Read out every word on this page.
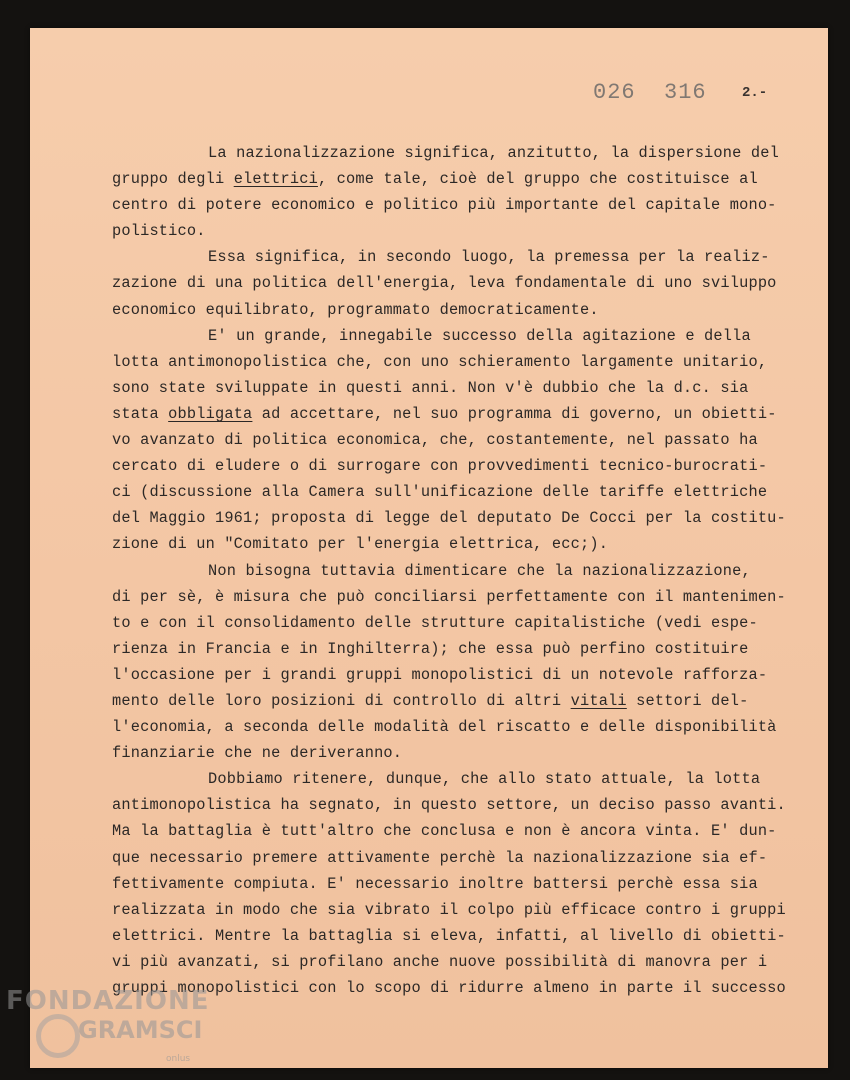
026  316	2.-

La nazionalizzazione significa, anzitutto, la dispersione del
gruppo degli elettrici, come tale, cioè del gruppo che costituisce al
centro di potere economico e politico più importante del capitale mono-
polistico.

Essa significa, in secondo luogo, la premessa per la realiz-
zazione di una politica dell'energia, leva fondamentale di uno sviluppo
economico equilibrato, programmato democraticamente.

E' un grande, innegabile successo della agitazione e della
lotta antimonopolistica che, con uno schieramento largamente unitario,
sono state sviluppate in questi anni. Non v'è dubbio che la d.c. sia
stata obbligata ad accettare, nel suo programma di governo, un obietti-
vo avanzato di politica economica, che, costantemente, nel passato ha
cercato di eludere o di surrogare con provvedimenti tecnico-burocrati-
ci (discussione alla Camera sull'unificazione delle tariffe elettriche
del Maggio 1961; proposta di legge del deputato De Cocci per la costitu-
zione di un "Comitato per l'energia elettrica, ecc;).

Non bisogna tuttavia dimenticare che la nazionalizzazione,
di per sè, è misura che può conciliarsi perfettamente con il mantenimen-
to e con il consolidamento delle strutture capitalistiche (vedi espe-
rienza in Francia e in Inghilterra); che essa può perfino costituire
l'occasione per i grandi gruppi monopolistici di un notevole rafforza-
mento delle loro posizioni di controllo di altri vitali settori del-
l'economia, a seconda delle modalità del riscatto e delle disponibilità
finanziarie che ne deriveranno.

Dobbiamo ritenere, dunque, che allo stato attuale, la lotta
antimonopolistica ha segnato, in questo settore, un deciso passo avanti.
Ma la battaglia è tutt'altro che conclusa e non è ancora vinta. E' dun-
que necessario premere attivamente perchè la nazionalizzazione sia ef-
fettivamente compiuta. E' necessario inoltre battersi perchè essa sia
realizzata in modo che sia vibrato il colpo più efficace contro i gruppi
elettrici. Mentre la battaglia si eleva, infatti, al livello di obietti-
vi più avanzati, si profilano anche nuove possibilità di manovra per i
gruppi monopolistici con lo scopo di ridurre almeno in parte il successo

FONDAZIONE
GRAMSCI
onlus
